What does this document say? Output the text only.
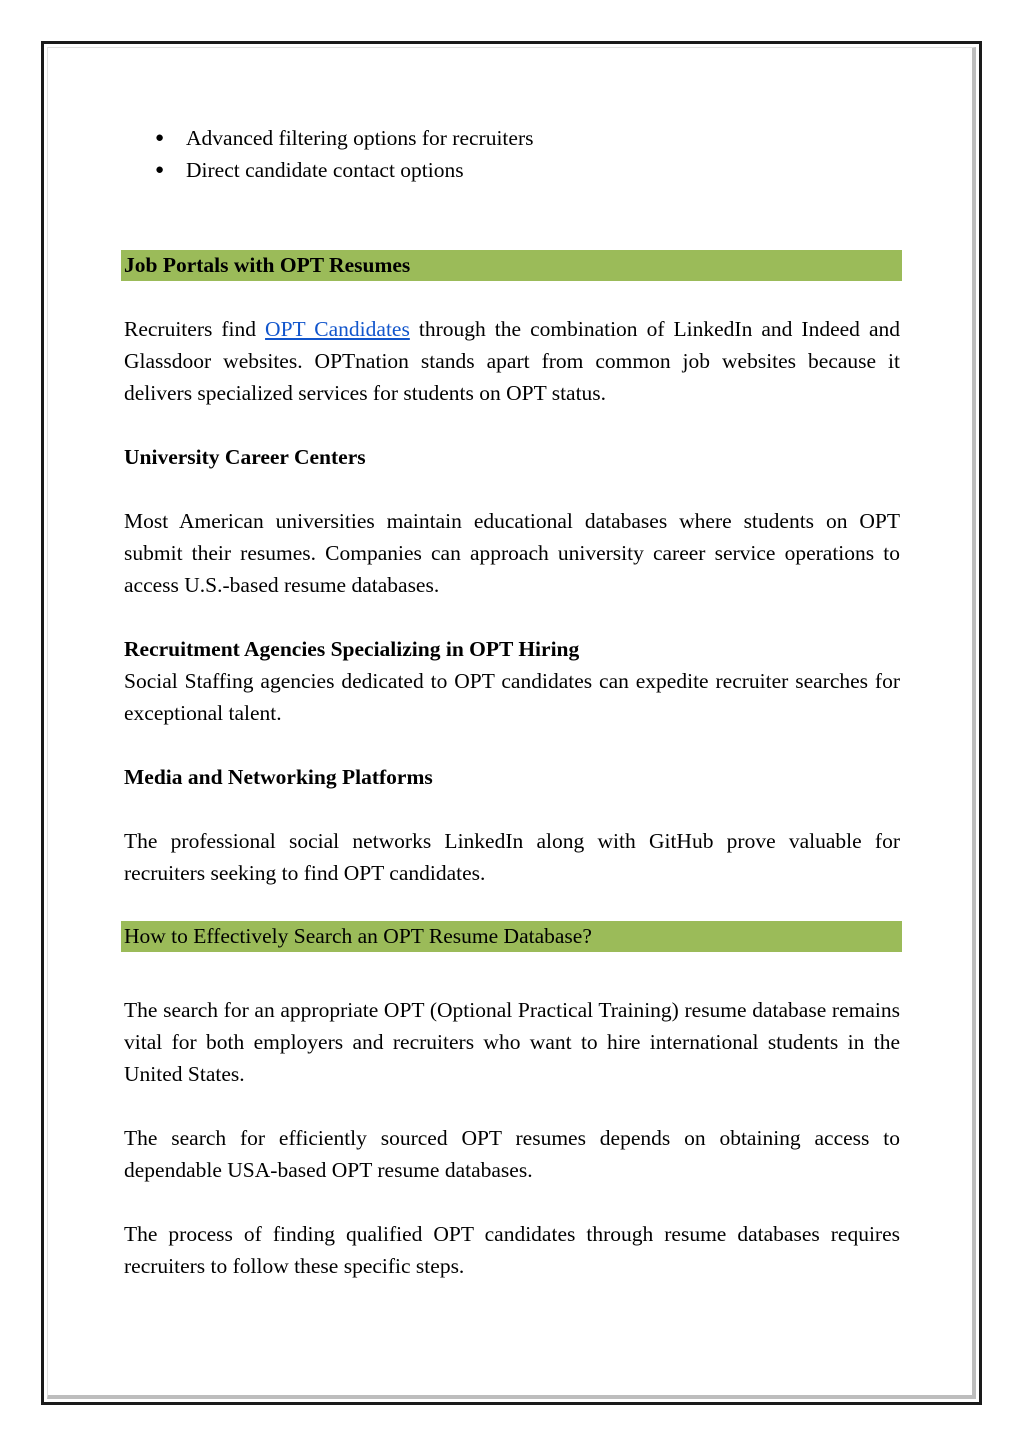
● Advanced filtering options for recruiters
● Direct candidate contact options
Job Portals with OPT Resumes

Recruiters find OPT Candidates through the combination of LinkedIn and Indeed and Glassdoor websites. OPTnation stands apart from common job websites because it delivers specialized services for students on OPT status.

University Career Centers

Most American universities maintain educational databases where students on OPT submit their resumes. Companies can approach university career service operations to access U.S.-based resume databases.

Recruitment Agencies Specializing in OPT Hiring

Social Staffing agencies dedicated to OPT candidates can expedite recruiter searches for exceptional talent.

Media and Networking Platforms

The professional social networks LinkedIn along with GitHub prove valuable for recruiters seeking to find OPT candidates.

How to Effectively Search an OPT Resume Database?

The search for an appropriate OPT (Optional Practical Training) resume database remains vital for both employers and recruiters who want to hire international students in the United States.

The search for efficiently sourced OPT resumes depends on obtaining access to dependable USA-based OPT resume databases.

The process of finding qualified OPT candidates through resume databases requires recruiters to follow these specific steps.
